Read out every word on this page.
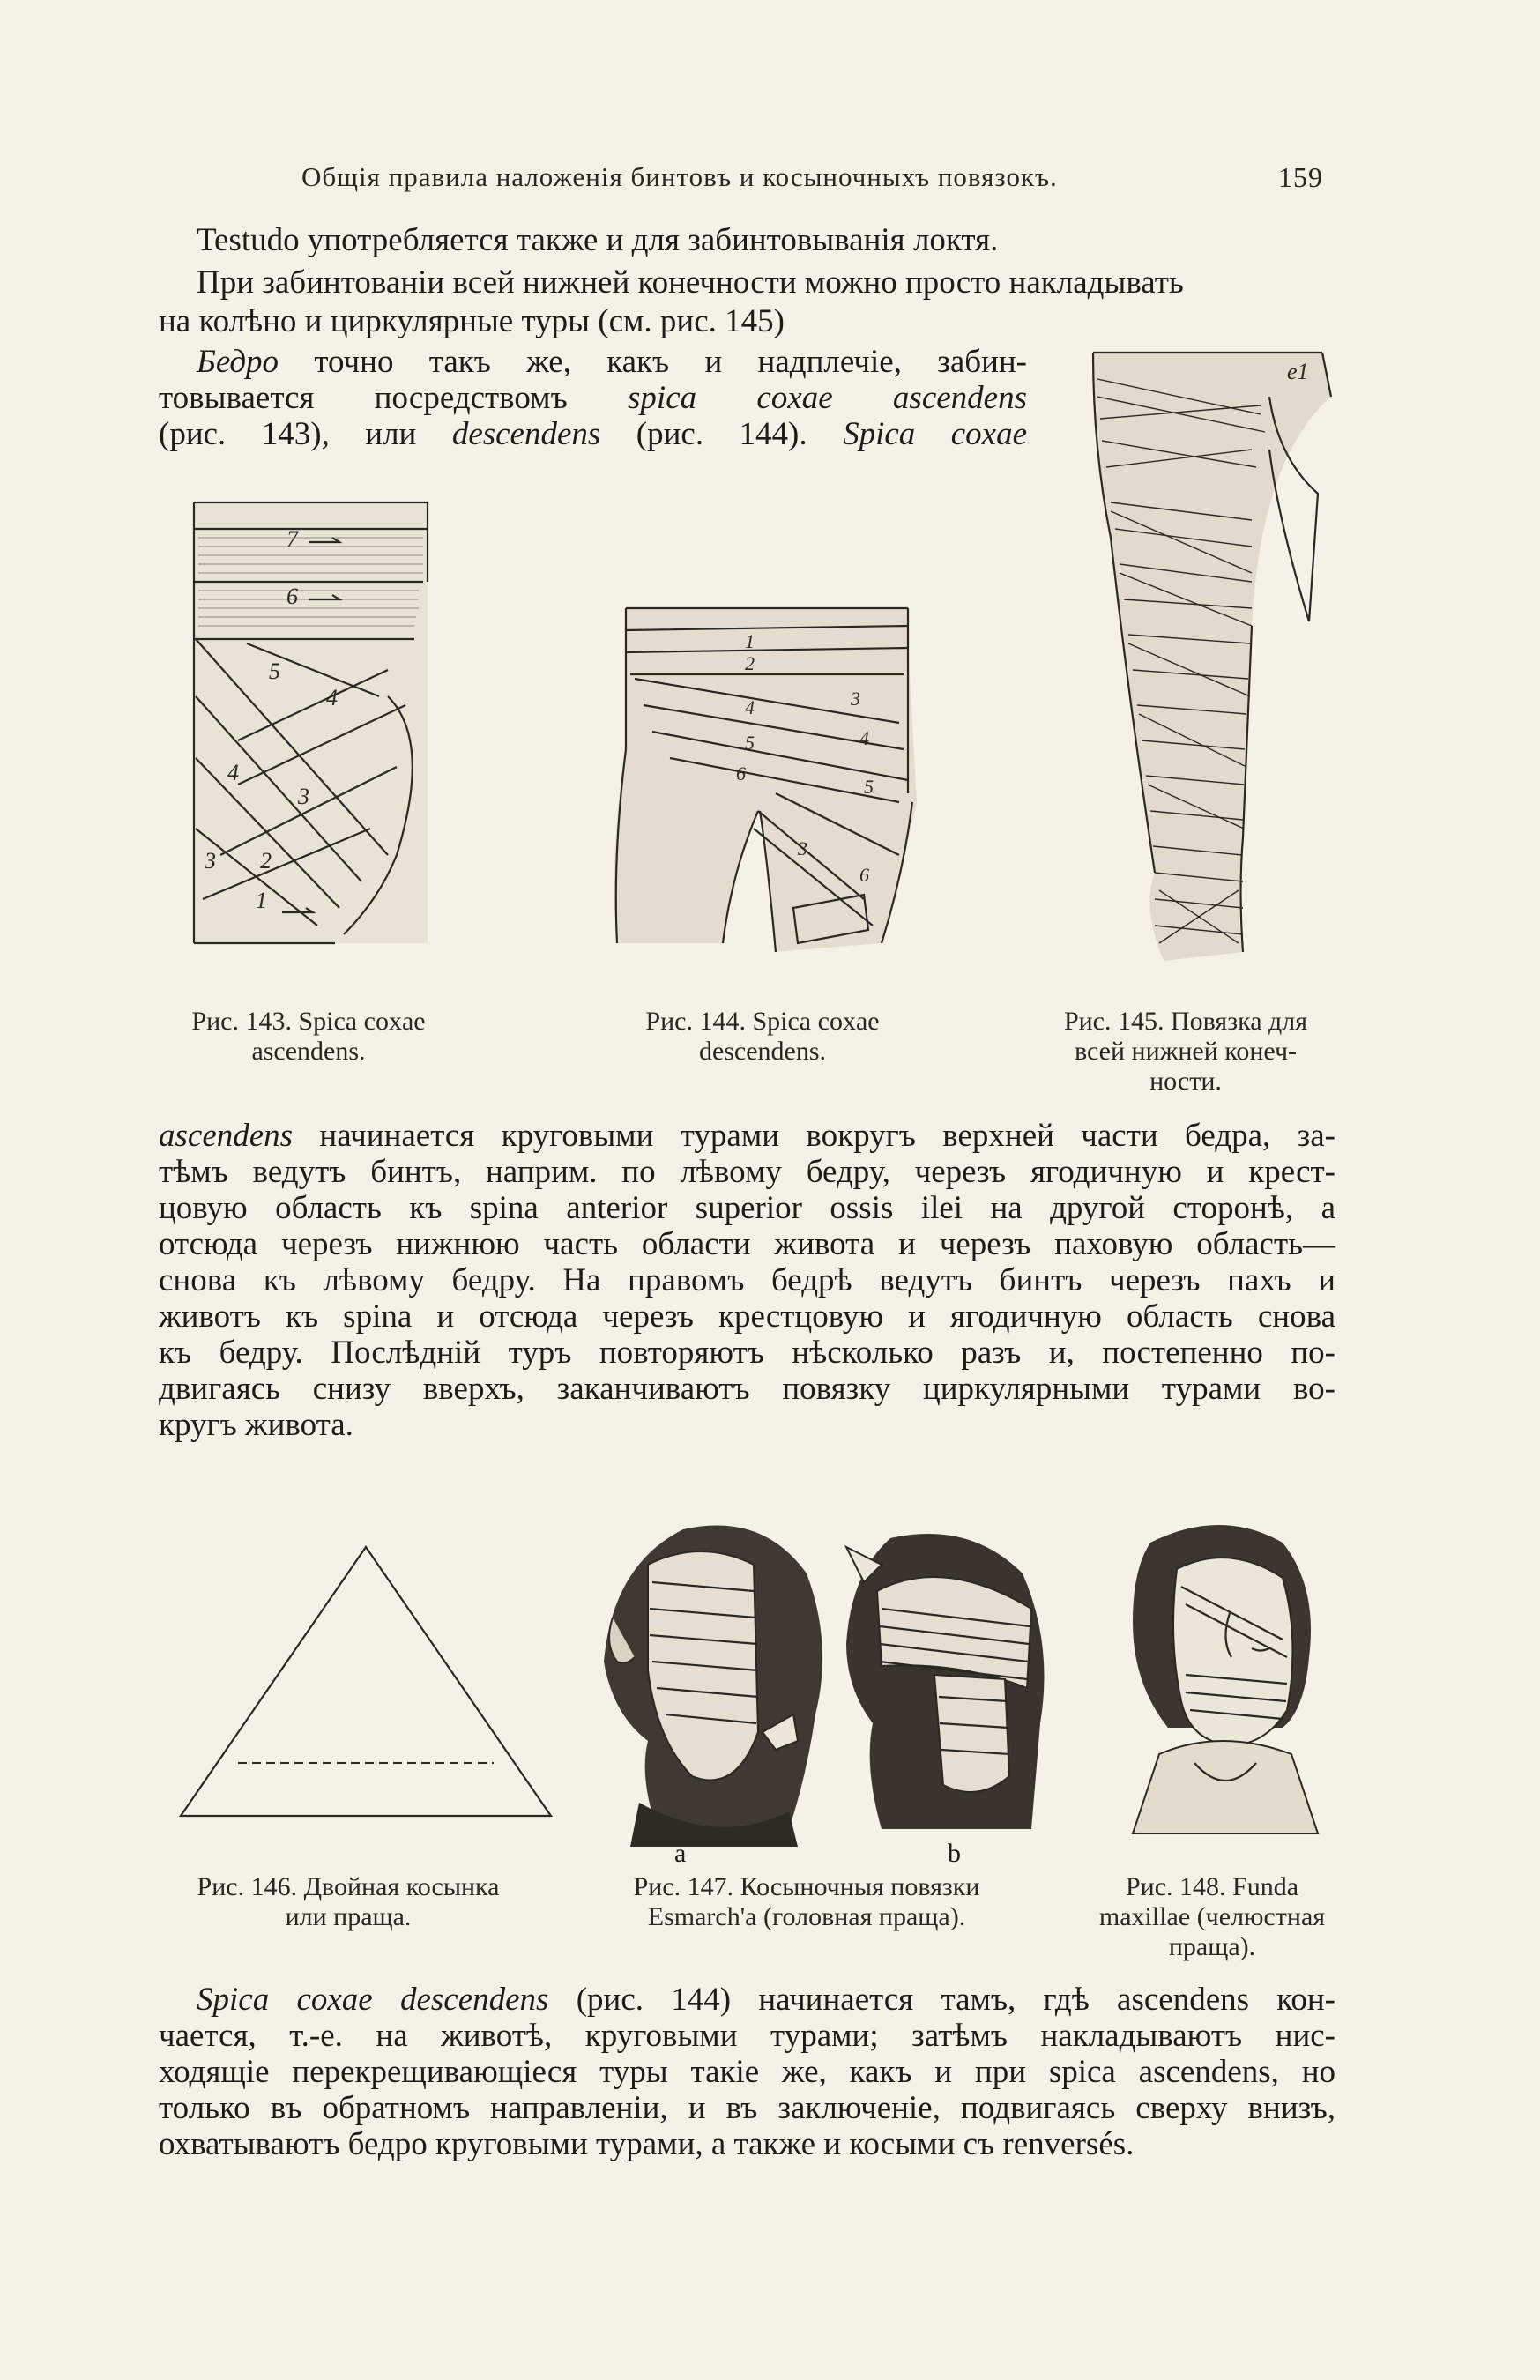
Общія правила наложенія бинтовъ и косыночныхъ повязокъ.	159

Testudo употребляется также и для забинтовыванія локтя.

При забинтованіи всей нижней конечности можно просто накладывать

на колѣно и циркулярные туры (см. рис. 145)

Бедро точно такъ же, какъ и надплечіе, забин-

товывается посредствомъ spica coxae ascendens

(рис. 143), или descendens (рис. 144). Spica coxae

7
6
5
4
4
3
3 2
1
1
2
3
4
5
6
3
4
5
6
e1
Рис. 143. Spica coxae
ascendens.
Рис. 144. Spica coxae
descendens.
Рис. 145. Повязка для
всей нижней конеч-
ности.

ascendens начинается круговыми турами вокругъ верхней части бедра, за-

тѣмъ ведутъ бинтъ, наприм. по лѣвому бедру, черезъ ягодичную и крест-

цовую область къ spina anterior superior ossis ilei на другой сторонѣ, а

отсюда черезъ нижнюю часть области живота и черезъ паховую область—

снова къ лѣвому бедру. На правомъ бедрѣ ведутъ бинтъ черезъ пахъ и

животъ къ spina и отсюда черезъ крестцовую и ягодичную область снова

къ бедру. Послѣдній туръ повторяютъ нѣсколько разъ и, постепенно по-

двигаясь снизу вверхъ, заканчиваютъ повязку циркулярными турами во-

кругъ живота.

a	b
Рис. 146. Двойная косынка
или праща.
Рис. 147. Косыночныя повязки
Esmarch'а (головная праща).
Рис. 148. Funda
maxillae (челюстная
праща).

Spica coxae descendens (рис. 144) начинается тамъ, гдѣ ascendens кон-

чается, т.-е. на животѣ, круговыми турами; затѣмъ накладываютъ нис-

ходящіе перекрещивающіеся туры такіе же, какъ и при spica ascendens, но

только въ обратномъ направленіи, и въ заключеніе, подвигаясь сверху внизъ,

охватываютъ бедро круговыми турами, а также и косыми съ renversés.
